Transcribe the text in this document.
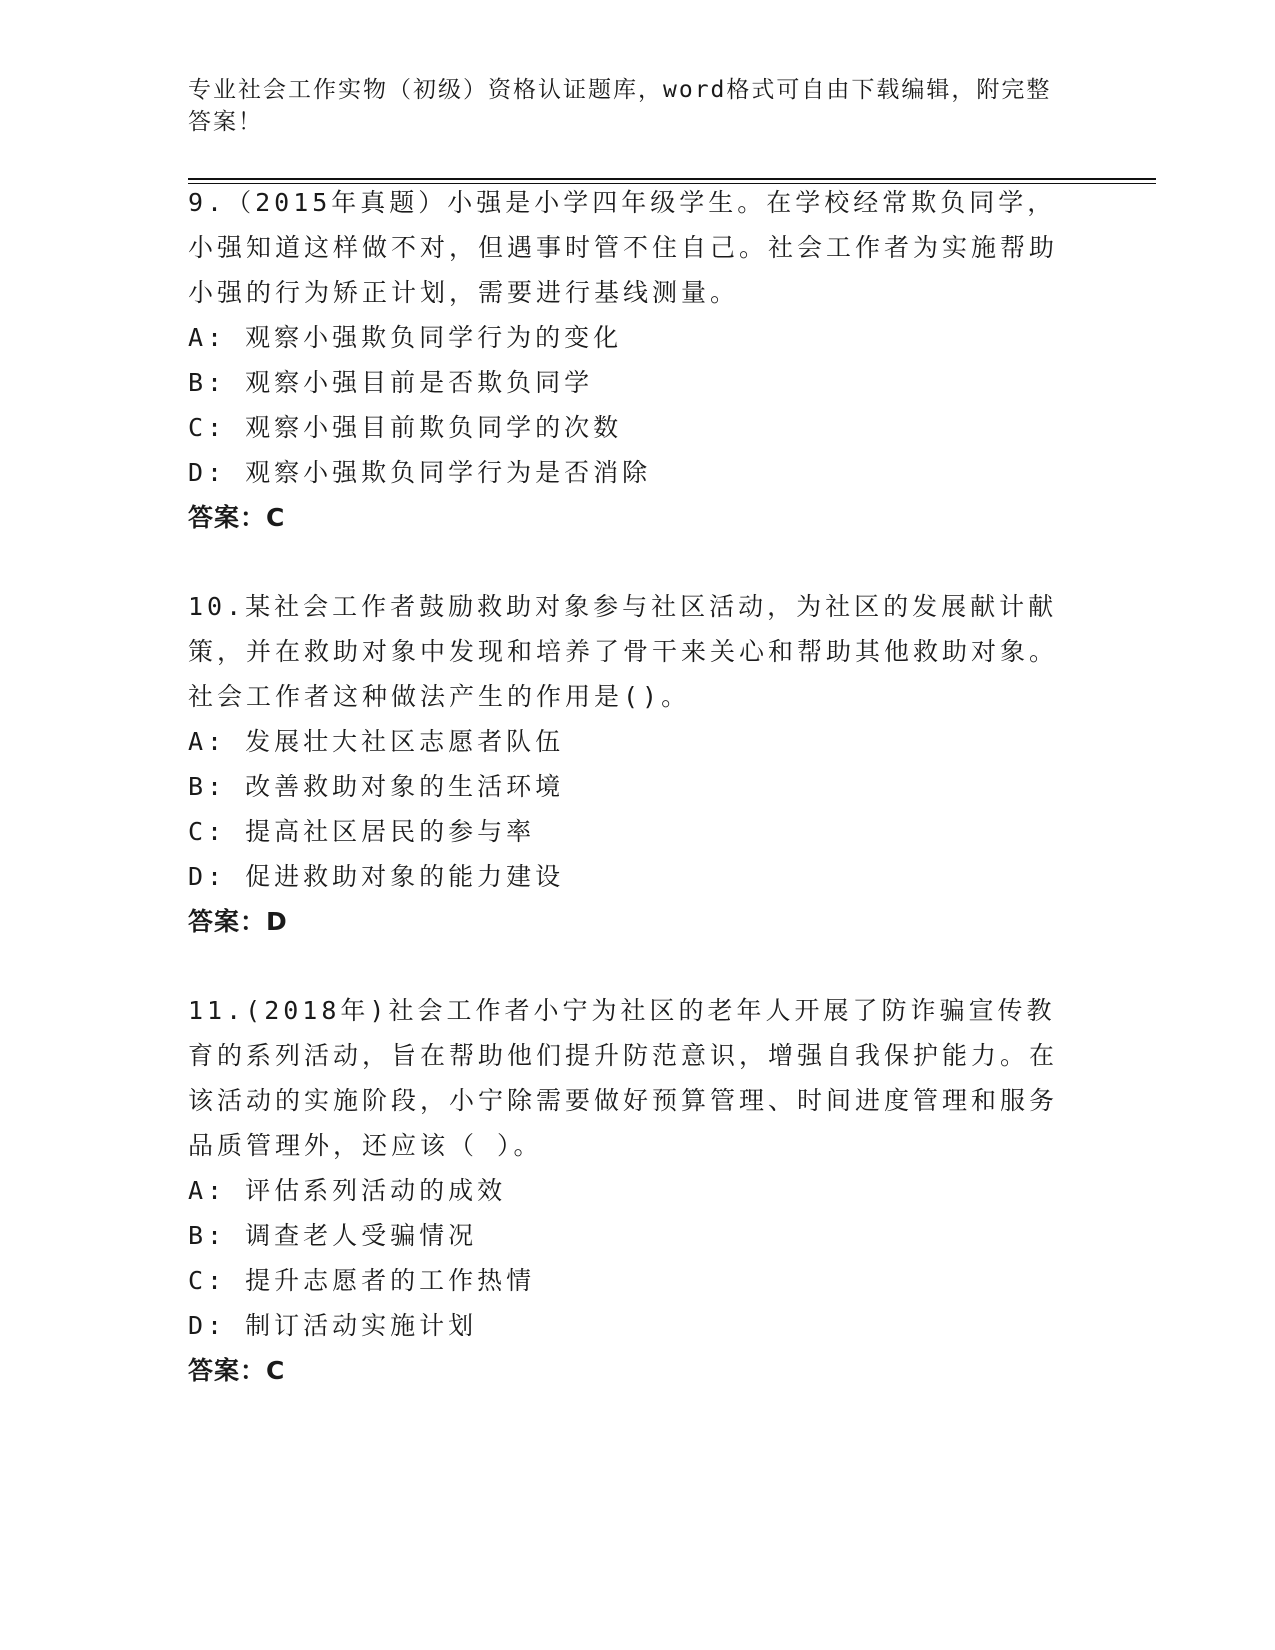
专业社会工作实物（初级）资格认证题库，word格式可自由下载编辑，附完整答案！
9.（2015年真题）小强是小学四年级学生。在学校经常欺负同学，小强知道这样做不对，但遇事时管不住自己。社会工作者为实施帮助小强的行为矫正计划，需要进行基线测量。
A: 观察小强欺负同学行为的变化
B: 观察小强目前是否欺负同学
C: 观察小强目前欺负同学的次数
D: 观察小强欺负同学行为是否消除
答案：C
10.某社会工作者鼓励救助对象参与社区活动，为社区的发展献计献策，并在救助对象中发现和培养了骨干来关心和帮助其他救助对象。社会工作者这种做法产生的作用是()。
A: 发展壮大社区志愿者队伍
B: 改善救助对象的生活环境
C: 提高社区居民的参与率
D: 促进救助对象的能力建设
答案：D
11.(2018年)社会工作者小宁为社区的老年人开展了防诈骗宣传教育的系列活动，旨在帮助他们提升防范意识，增强自我保护能力。在该活动的实施阶段，小宁除需要做好预算管理、时间进度管理和服务品质管理外，还应该（ ）。
A: 评估系列活动的成效
B: 调查老人受骗情况
C: 提升志愿者的工作热情
D: 制订活动实施计划
答案：C
